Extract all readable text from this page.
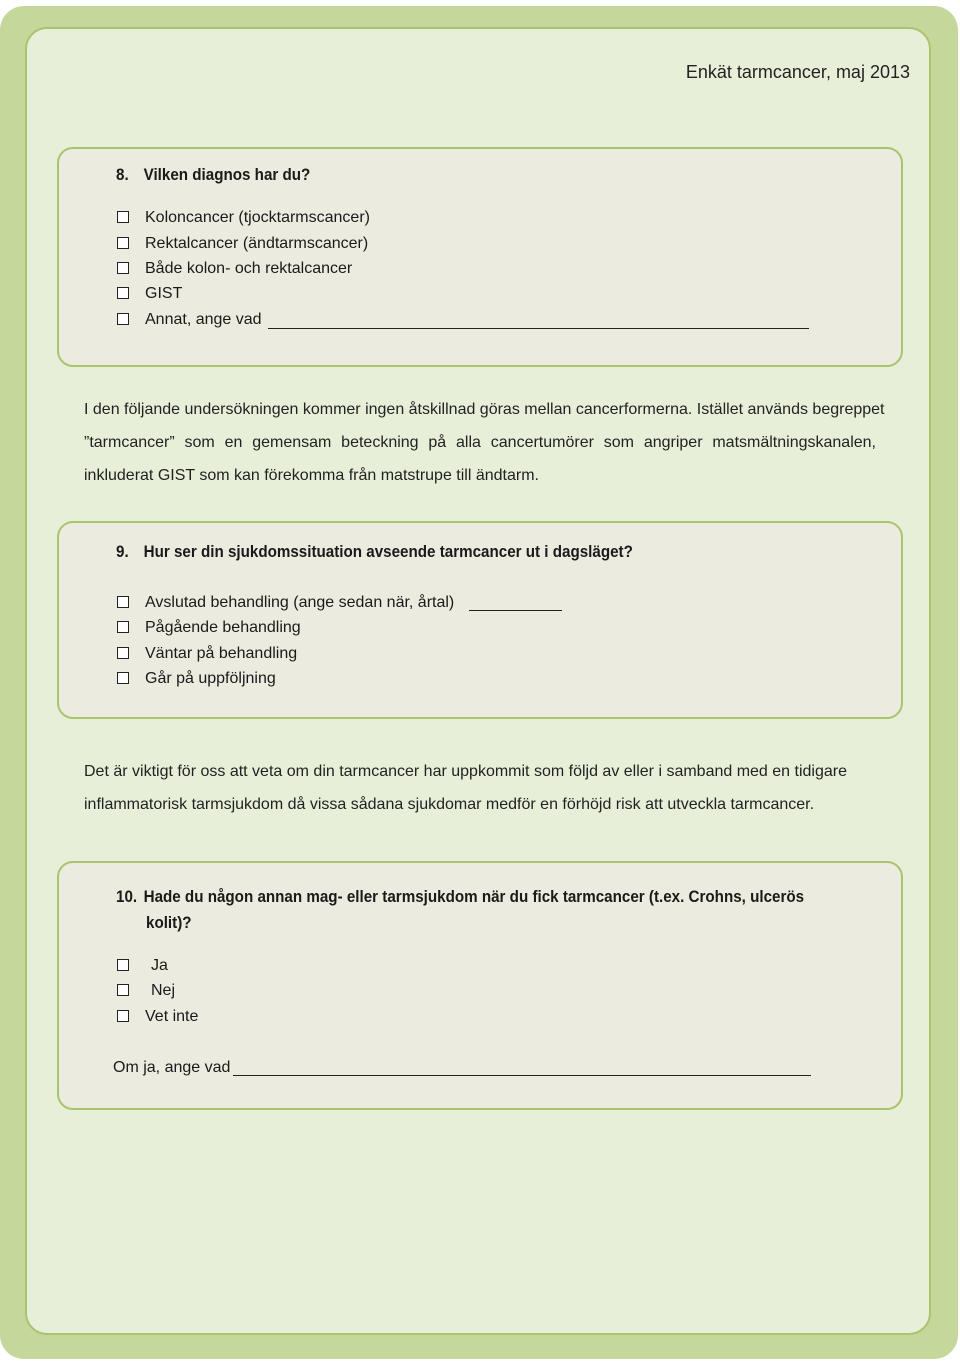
Enkät tarmcancer, maj 2013
8. Vilken diagnos har du?
Koloncancer (tjocktarmscancer)
Rektalcancer (ändtarmscancer)
Både kolon- och rektalcancer
GIST
Annat, ange vad
I den följande undersökningen kommer ingen åtskillnad göras mellan cancerformerna. Istället används begreppet
”tarmcancer” som en gemensam beteckning på alla cancertumörer som angriper matsmältningskanalen,
inkluderat GIST som kan förekomma från matstrupe till ändtarm.
9. Hur ser din sjukdomssituation avseende tarmcancer ut i dagsläget?
Avslutad behandling (ange sedan när, årtal)
Pågående behandling
Väntar på behandling
Går på uppföljning
Det är viktigt för oss att veta om din tarmcancer har uppkommit som följd av eller i samband med en tidigare
inflammatorisk tarmsjukdom då vissa sådana sjukdomar medför en förhöjd risk att utveckla tarmcancer.
10. Hade du någon annan mag- eller tarmsjukdom när du fick tarmcancer (t.ex. Crohns, ulcerös
kolit)?
Ja
Nej
Vet inte
Om ja, ange vad
